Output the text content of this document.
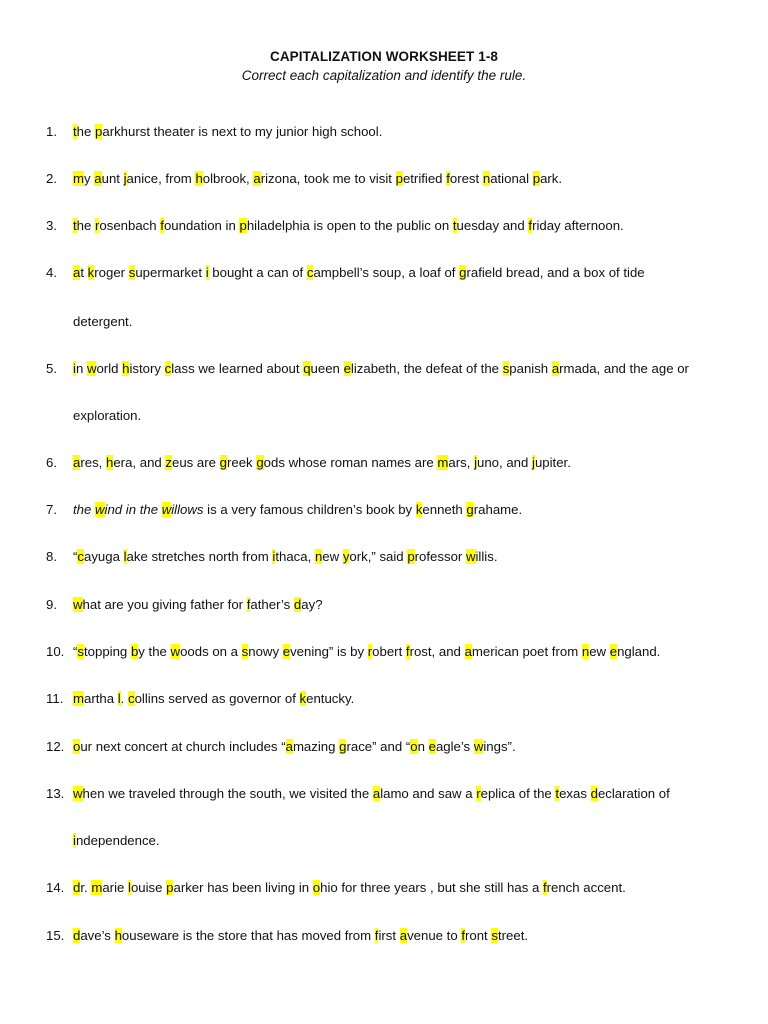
CAPITALIZATION WORKSHEET 1-8
Correct each capitalization and identify the rule.
1. the parkhurst theater is next to my junior high school.
2. my aunt janice, from holbrook, arizona, took me to visit petrified forest national park.
3. the rosenbach foundation in philadelphia is open to the public on tuesday and friday afternoon.
4. at kroger supermarket i bought a can of campbell’s soup, a loaf of grafield bread, and a box of tide
detergent.
5. in world history class we learned about queen elizabeth, the defeat of the spanish armada, and the age or
exploration.
6. ares, hera, and zeus are greek gods whose roman names are mars, juno, and jupiter.
7. the wind in the willows is a very famous children’s book by kenneth grahame.
8. “cayuga lake stretches north from ithaca, new york,” said professor willis.
9. what are you giving father for father’s day?
10. “stopping by the woods on a snowy evening” is by robert frost, and american poet from new england.
11. martha l. collins served as governor of kentucky.
12. our next concert at church includes “amazing grace” and “on eagle’s wings”.
13. when we traveled through the south, we visited the alamo and saw a replica of the texas declaration of
independence.
14. dr. marie louise parker has been living in ohio for three years , but she still has a french accent.
15. dave’s houseware is the store that has moved from first avenue to front street.
